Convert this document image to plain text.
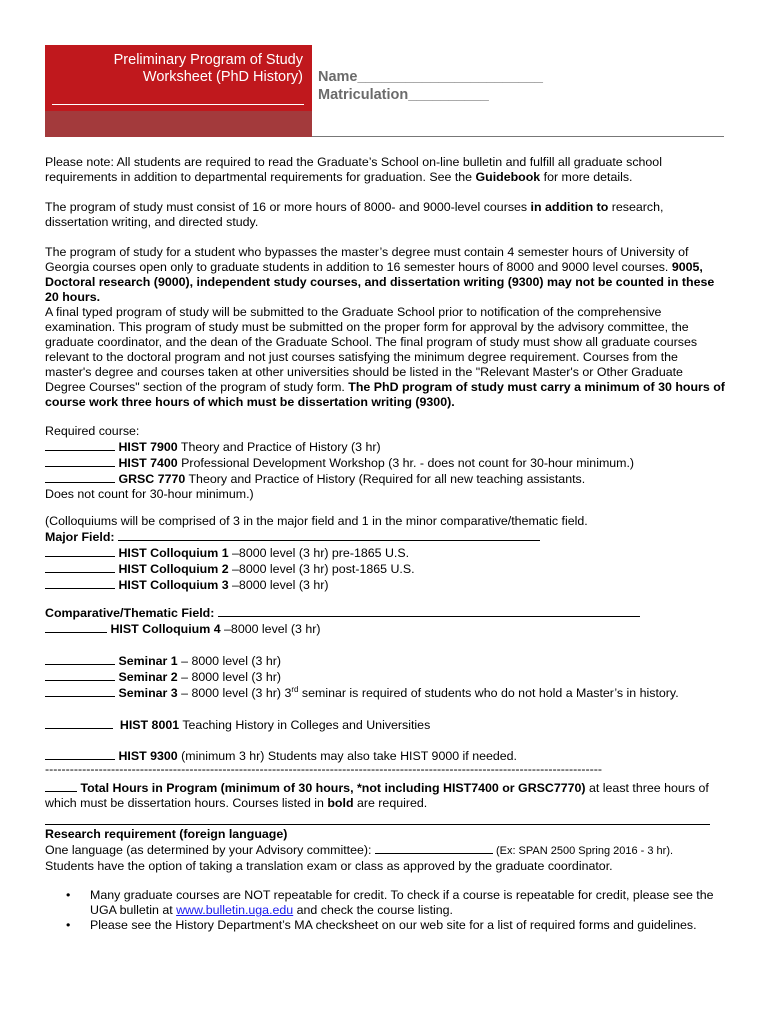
Preliminary Program of Study
Worksheet (PhD History) Name_______________________
Matriculation__________

Please note: All students are required to read the Graduate’s School on-line bulletin and fulfill all graduate school requirements in addition to departmental requirements for graduation. See the Guidebook for more details.

The program of study must consist of 16 or more hours of 8000- and 9000-level courses in addition to research, dissertation writing, and directed study.

The program of study for a student who bypasses the master’s degree must contain 4 semester hours of University of Georgia courses open only to graduate students in addition to 16 semester hours of 8000 and 9000 level courses. 9005, Doctoral research (9000), independent study courses, and dissertation writing (9300) may not be counted in these 20 hours.

A final typed program of study will be submitted to the Graduate School prior to notification of the comprehensive examination. This program of study must be submitted on the proper form for approval by the advisory committee, the graduate coordinator, and the dean of the Graduate School. The final program of study must show all graduate courses relevant to the doctoral program and not just courses satisfying the minimum degree requirement. Courses from the master's degree and courses taken at other universities should be listed in the "Relevant Master's or Other Graduate Degree Courses" section of the program of study form. The PhD program of study must carry a minimum of 30 hours of course work three hours of which must be dissertation writing (9300).

Required course:
HIST 7900 Theory and Practice of History (3 hr)
HIST 7400 Professional Development Workshop (3 hr. - does not count for 30-hour minimum.)
GRSC 7770 Theory and Practice of History (Required for all new teaching assistants.
Does not count for 30-hour minimum.)
(Colloquiums will be comprised of 3 in the major field and 1 in the minor comparative/thematic field.
Major Field:
HIST Colloquium 1 –8000 level (3 hr) pre-1865 U.S.
HIST Colloquium 2 –8000 level (3 hr) post-1865 U.S.
HIST Colloquium 3 –8000 level (3 hr)
Comparative/Thematic Field:
HIST Colloquium 4 –8000 level (3 hr)
Seminar 1 – 8000 level (3 hr)
Seminar 2 – 8000 level (3 hr)
Seminar 3 – 8000 level (3 hr) 3rd seminar is required of students who do not hold a Master’s in history.
HIST 8001 Teaching History in Colleges and Universities
HIST 9300 (minimum 3 hr) Students may also take HIST 9000 if needed.
---------------------------------------------------------------------------------------------------------------------------------------

Total Hours in Program (minimum of 30 hours, *not including HIST7400 or GRSC7770) at least three hours of which must be dissertation hours. Courses listed in bold are required.

Research requirement (foreign language)
One language (as determined by your Advisory committee):	(Ex: SPAN 2500 Spring 2016 - 3 hr).
Students have the option of taking a translation exam or class as approved by the graduate coordinator.
• Many graduate courses are NOT repeatable for credit. To check if a course is repeatable for credit, please see the UGA bulletin at www.bulletin.uga.edu and check the course listing.
• Please see the History Department’s MA checksheet on our web site for a list of required forms and guidelines.
